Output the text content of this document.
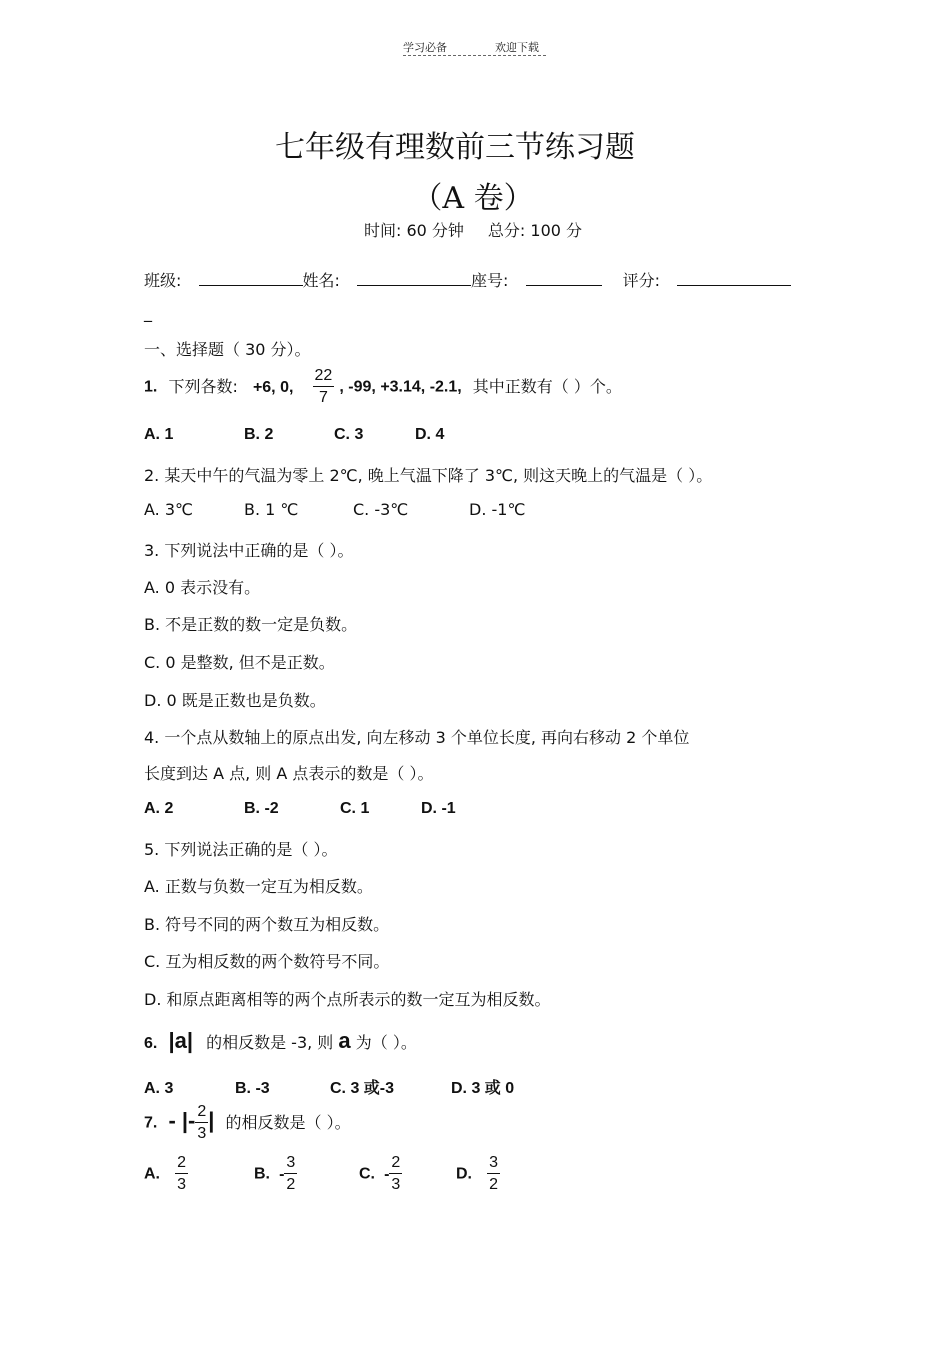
学习必备	欢迎下载
七年级有理数前三节练习题
（A 卷）
时间: 60 分钟 总分: 100 分
班级:	姓名:	座号:	评分:
_
一、选择题（ 30 分）。
1. 下列各数: +6, 0, $\frac{22}{7}$ , -99, +3.14, -2.1, 其中正数有（ ）个。
A. 1	B. 2	C. 3	D. 4
2. 某天中午的气温为零上 2℃, 晚上气温下降了 3℃, 则这天晚上的气温是（ ）。
A. 3℃	B. 1 ℃	C. -3℃	D. -1℃
3. 下列说法中正确的是（ ）。
A. 0 表示没有。
B. 不是正数的数一定是负数。
C. 0 是整数, 但不是正数。
D. 0 既是正数也是负数。
4. 一个点从数轴上的原点出发, 向左移动 3 个单位长度, 再向右移动 2 个单位
长度到达 A 点, 则 A 点表示的数是（ ）。
A. 2	B. -2	C. 1	D. -1
5. 下列说法正确的是（ ）。
A. 正数与负数一定互为相反数。
B. 符号不同的两个数互为相反数。
C. 互为相反数的两个数符号不同。
D. 和原点距离相等的两个点所表示的数一定互为相反数。
6. |a| 的相反数是 -3, 则 a 为（ ）。
A. 3	B. -3	C. 3 或-3	D. 3 或 0
7. - |- $\frac{2}{3}$ | 的相反数是（ ）。
A. $\frac{2}{3}$	B. - $\frac{3}{2}$	C. - $\frac{2}{3}$	D. $\frac{3}{2}$
